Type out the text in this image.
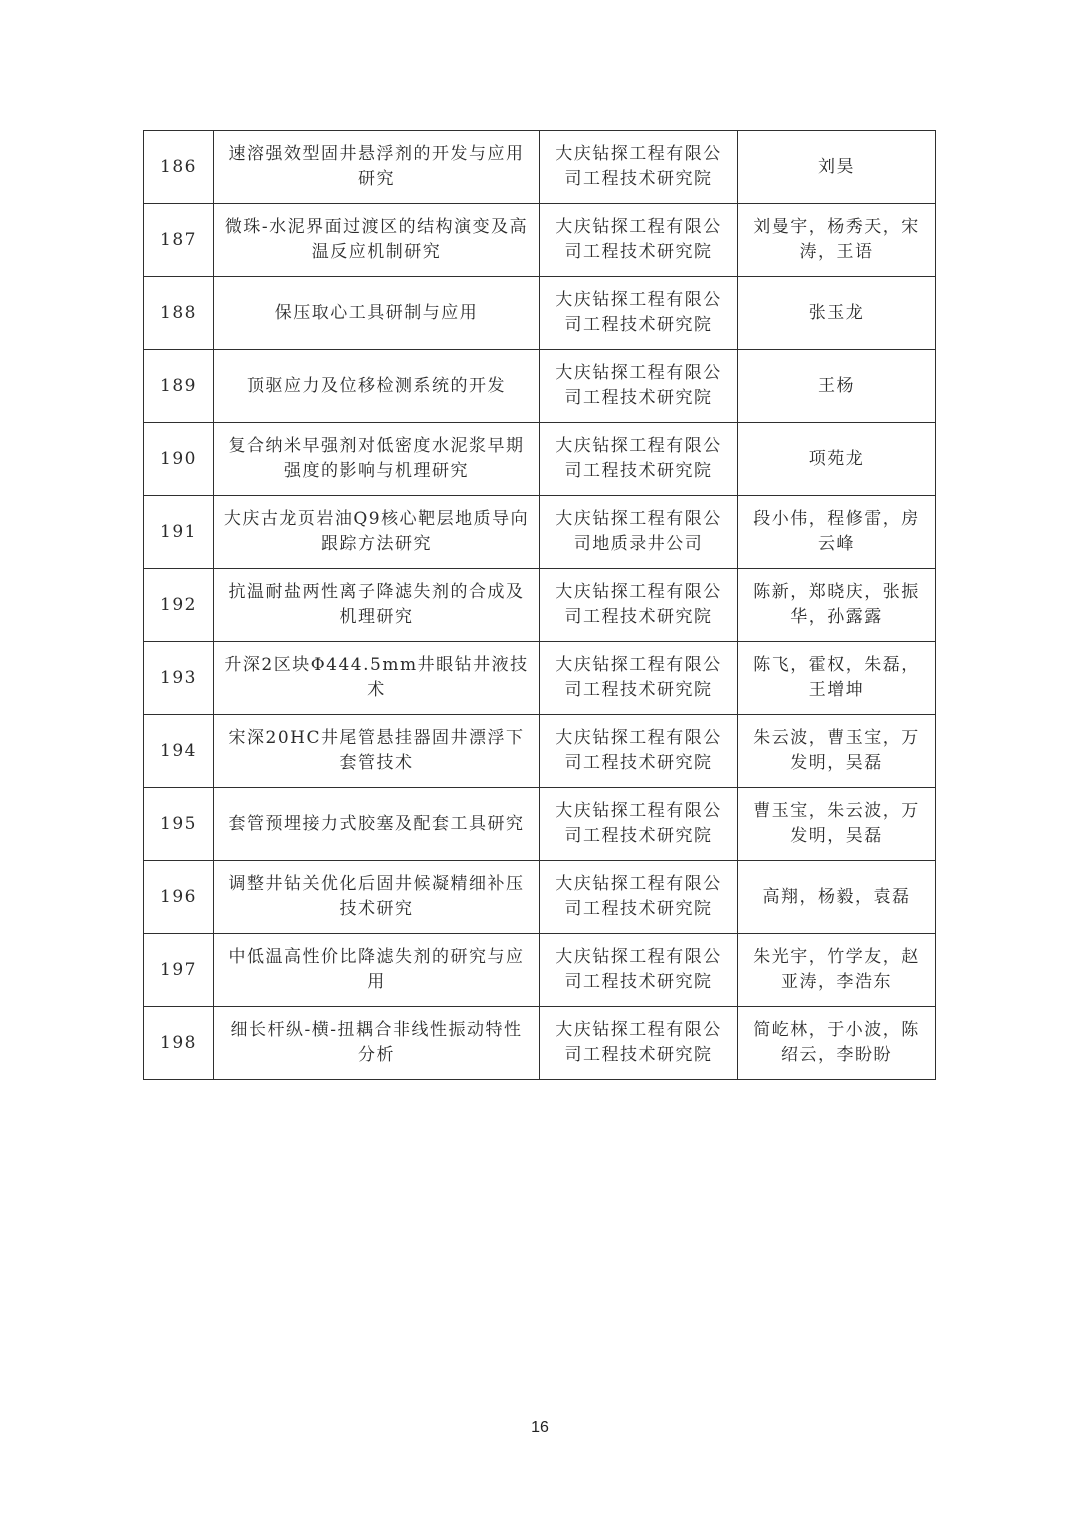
186	速溶强效型固井悬浮剂的开发与应用研究	大庆钻探工程有限公司工程技术研究院	刘昊
187	微珠-水泥界面过渡区的结构演变及高温反应机制研究	大庆钻探工程有限公司工程技术研究院	刘曼宇，杨秀天，宋涛，王语
188	保压取心工具研制与应用	大庆钻探工程有限公司工程技术研究院	张玉龙
189	顶驱应力及位移检测系统的开发	大庆钻探工程有限公司工程技术研究院	王杨
190	复合纳米早强剂对低密度水泥浆早期强度的影响与机理研究	大庆钻探工程有限公司工程技术研究院	项苑龙
191	大庆古龙页岩油Q9核心靶层地质导向跟踪方法研究	大庆钻探工程有限公司地质录井公司	段小伟，程修雷，房云峰
192	抗温耐盐两性离子降滤失剂的合成及机理研究	大庆钻探工程有限公司工程技术研究院	陈新，郑晓庆，张振华，孙露露
193	升深2区块Φ444.5mm井眼钻井液技术	大庆钻探工程有限公司工程技术研究院	陈飞，霍权，朱磊，王增坤
194	宋深20HC井尾管悬挂器固井漂浮下套管技术	大庆钻探工程有限公司工程技术研究院	朱云波，曹玉宝，万发明，吴磊
195	套管预埋接力式胶塞及配套工具研究	大庆钻探工程有限公司工程技术研究院	曹玉宝，朱云波，万发明，吴磊
196	调整井钻关优化后固井候凝精细补压技术研究	大庆钻探工程有限公司工程技术研究院	高翔，杨毅，袁磊
197	中低温高性价比降滤失剂的研究与应用	大庆钻探工程有限公司工程技术研究院	朱光宇，竹学友，赵亚涛，李浩东
198	细长杆纵-横-扭耦合非线性振动特性分析	大庆钻探工程有限公司工程技术研究院	简屹林，于小波，陈绍云，李盼盼
16
